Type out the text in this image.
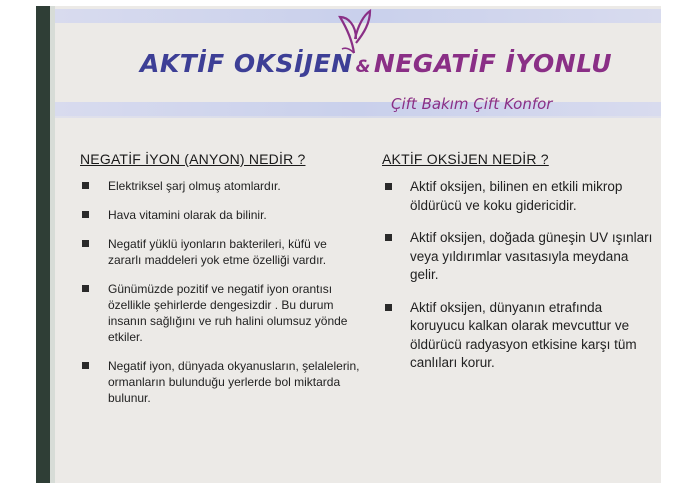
AKTİF OKSİJEN & NEGATİF İYONLU
Çift Bakım Çift Konfor
NEGATİF İYON (ANYON) NEDİR ?
Elektriksel şarj olmuş atomlardır.
Hava vitamini olarak da bilinir.
Negatif yüklü iyonların bakterileri, küfü ve zararlı maddeleri yok etme özelliği vardır.
Günümüzde pozitif ve negatif iyon orantısı özellikle şehirlerde dengesizdir . Bu durum insanın sağlığını ve ruh halini olumsuz yönde etkiler.
Negatif iyon, dünyada okyanusların, şelalelerin, ormanların bulunduğu yerlerde bol miktarda bulunur.
AKTİF OKSİJEN NEDİR ?
Aktif oksijen, bilinen en etkili mikrop öldürücü ve koku gidericidir.
Aktif oksijen, doğada güneşin UV ışınları veya yıldırımlar vasıtasıyla meydana gelir.
Aktif oksijen, dünyanın etrafında koruyucu kalkan olarak mevcuttur ve öldürücü radyasyon etkisine karşı tüm canlıları korur.
